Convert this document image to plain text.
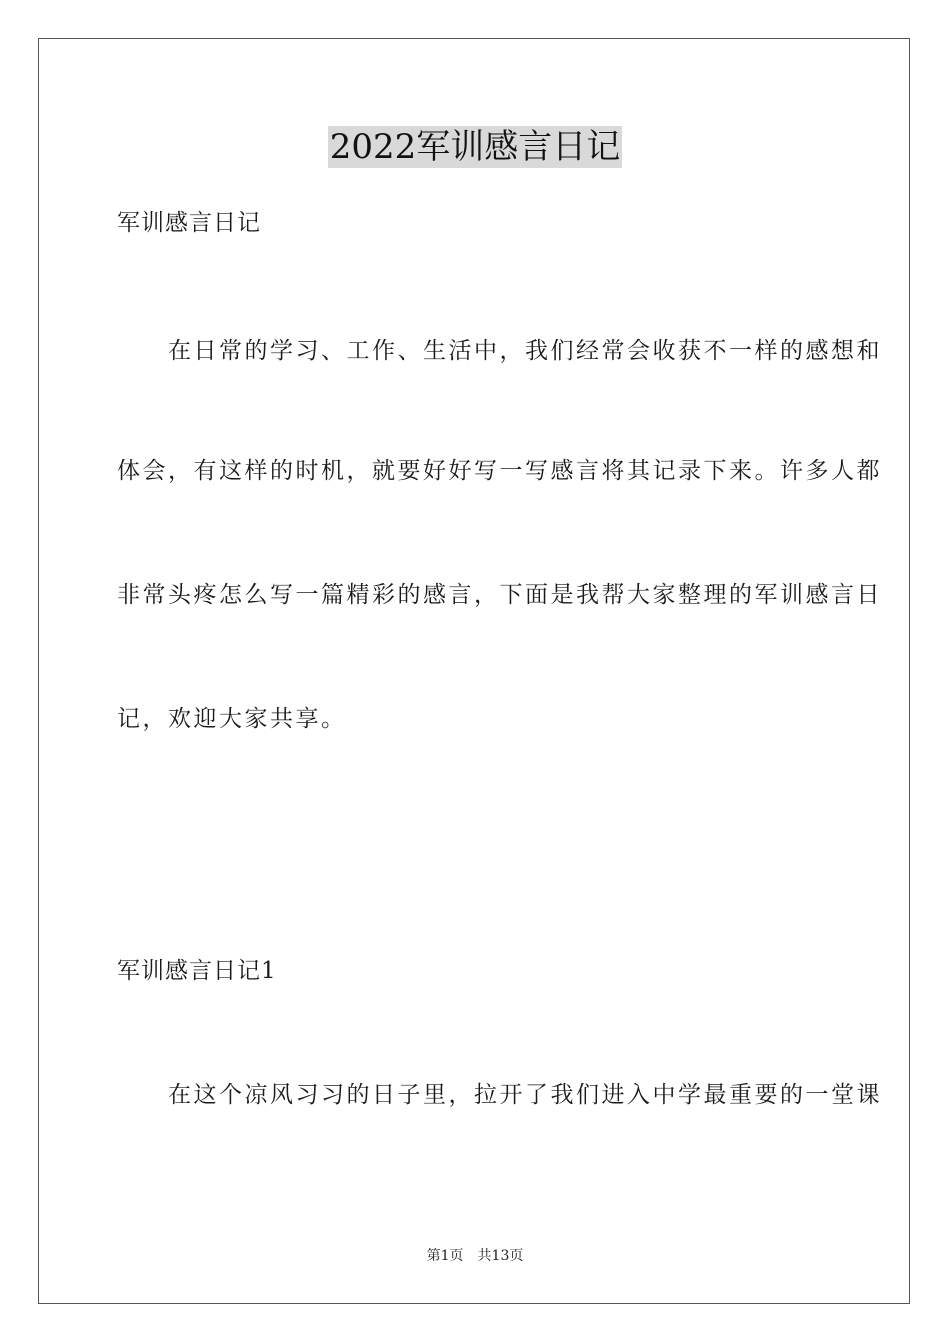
2022军训感言日记
军训感言日记
　　在日常的学习、工作、生活中，我们经常会收获不一样的感想和
体会，有这样的时机，就要好好写一写感言将其记录下来。许多人都
非常头疼怎么写一篇精彩的感言，下面是我帮大家整理的军训感言日
记，欢迎大家共享。
军训感言日记1
　　在这个凉风习习的日子里，拉开了我们进入中学最重要的一堂课
第1页 共13页
